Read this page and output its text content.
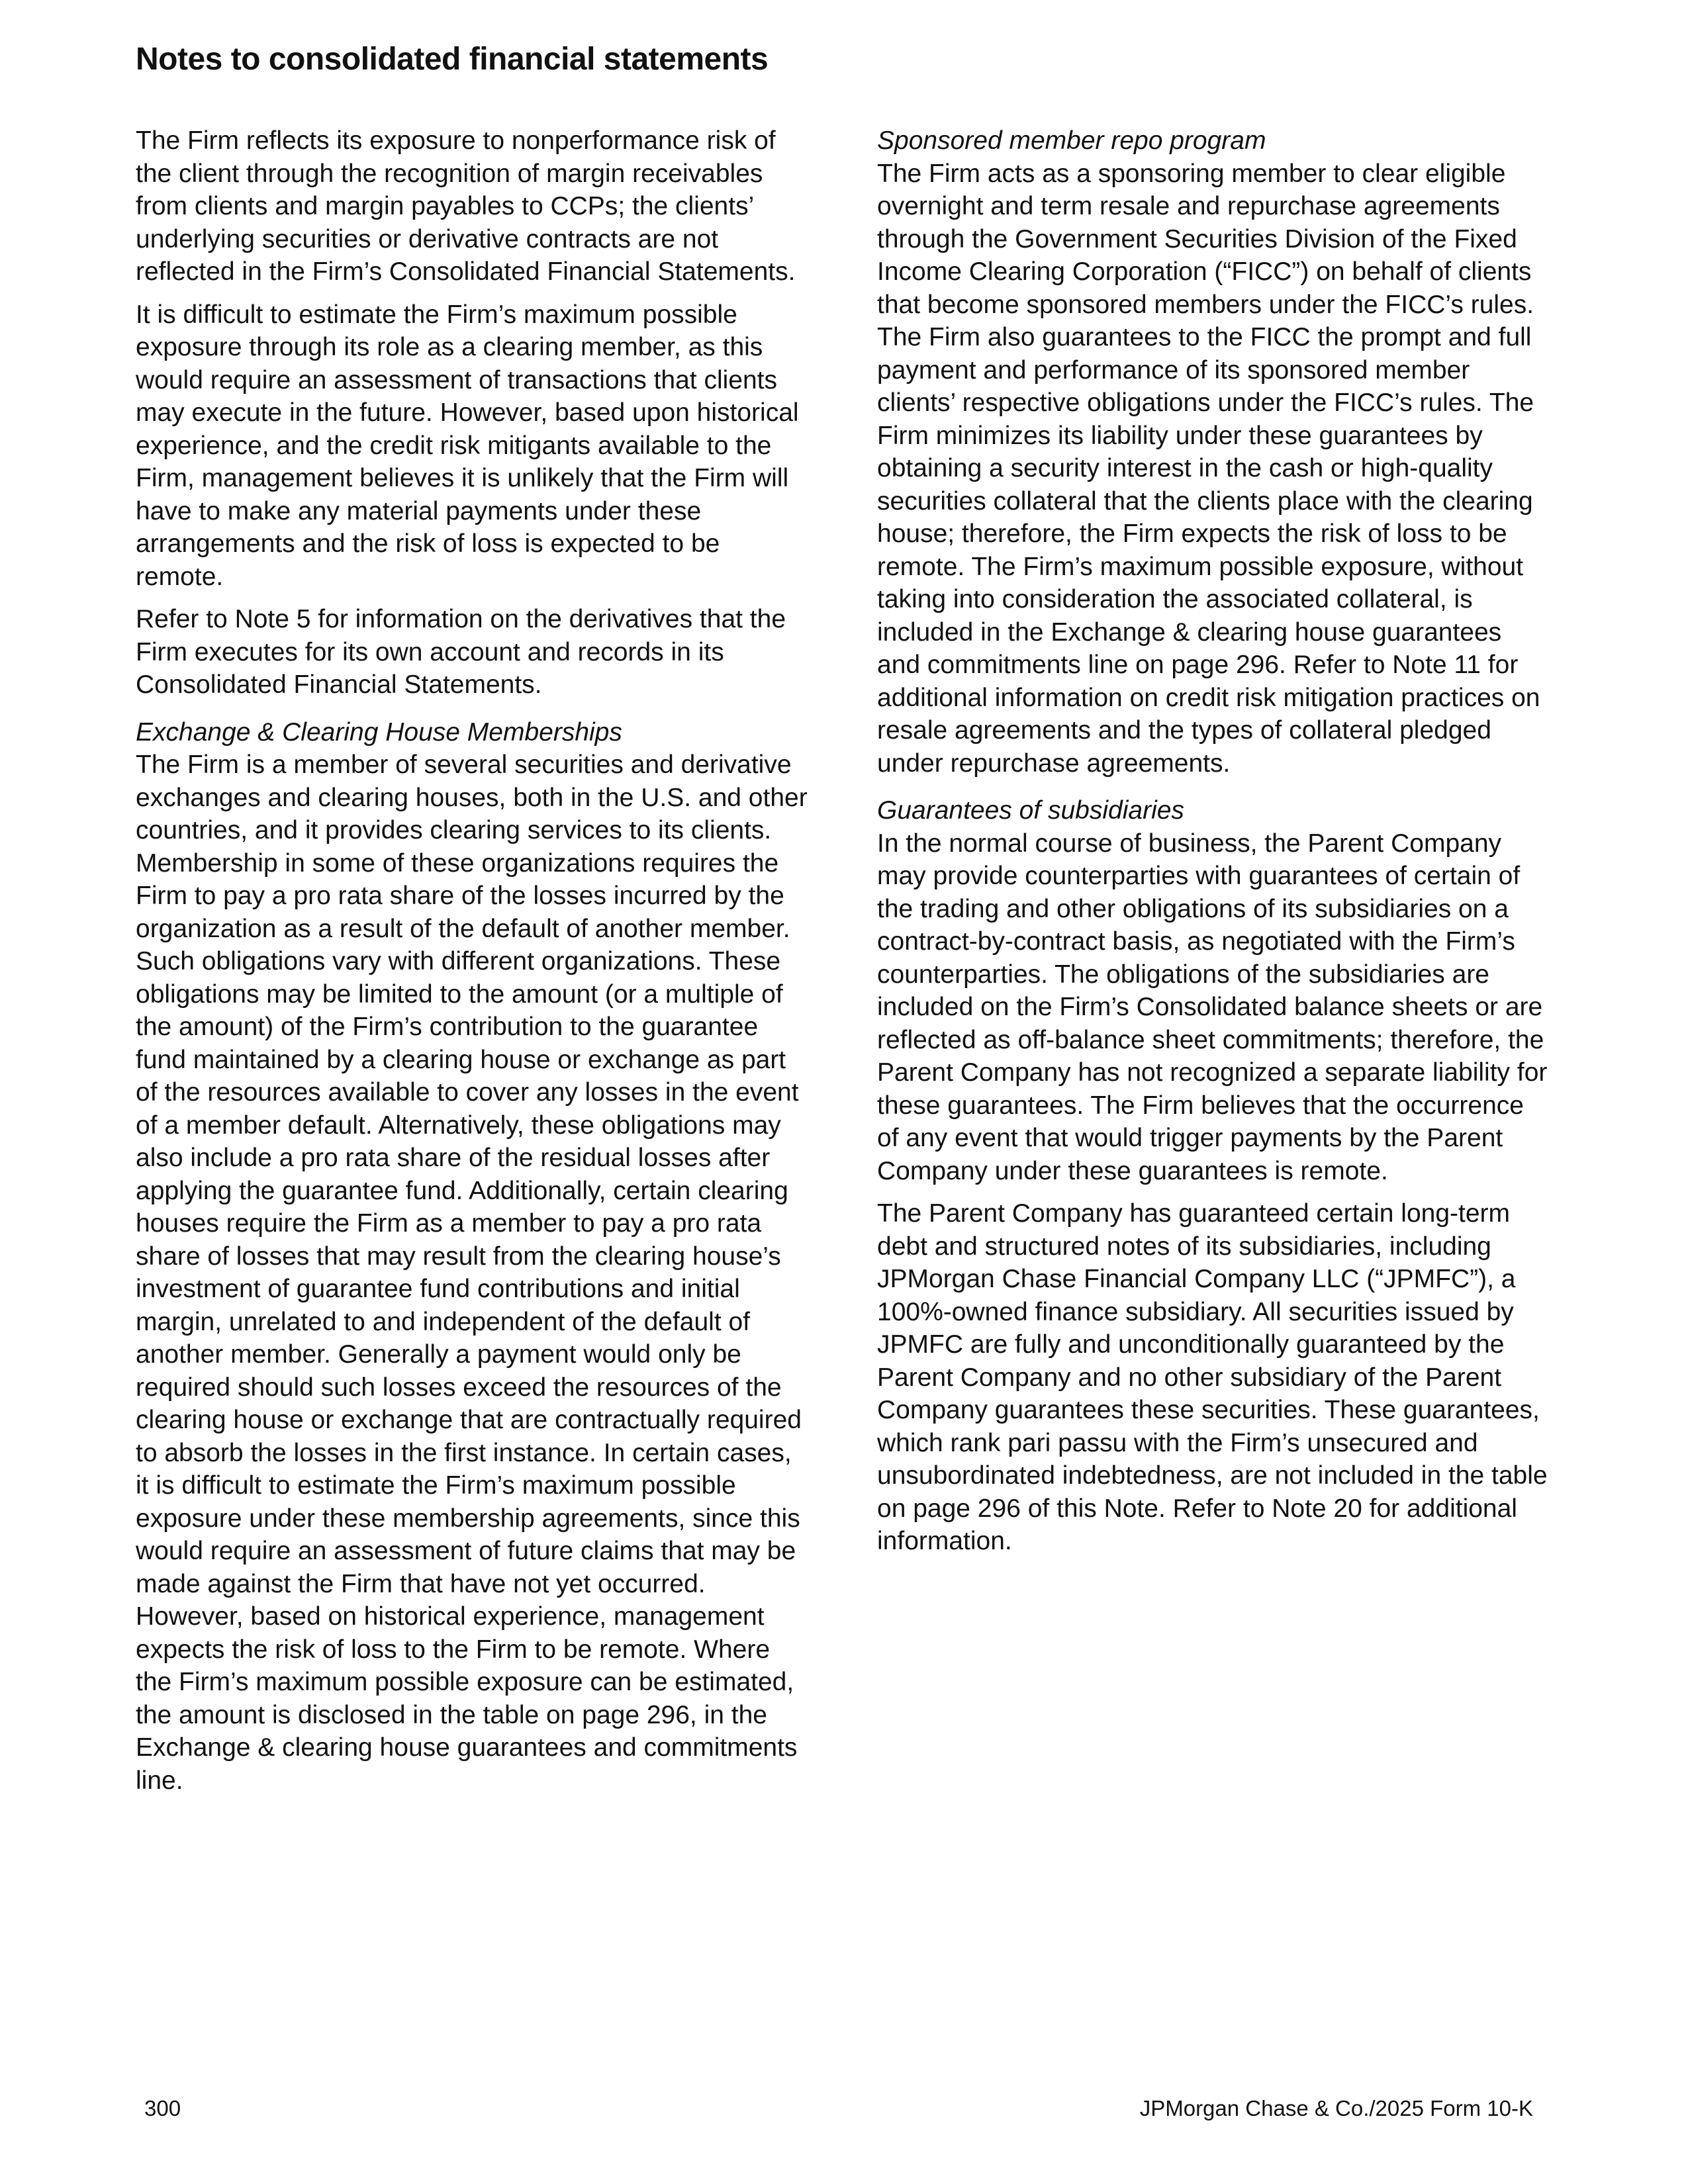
Notes to consolidated financial statements

The Firm reflects its exposure to nonperformance risk of the client through the recognition of margin receivables from clients and margin payables to CCPs; the clients’ underlying securities or derivative contracts are not reflected in the Firm’s Consolidated Financial Statements.

It is difficult to estimate the Firm’s maximum possible exposure through its role as a clearing member, as this would require an assessment of transactions that clients may execute in the future. However, based upon historical experience, and the credit risk mitigants available to the Firm, management believes it is unlikely that the Firm will have to make any material payments under these arrangements and the risk of loss is expected to be remote.

Refer to Note 5 for information on the derivatives that the Firm executes for its own account and records in its Consolidated Financial Statements.

Exchange & Clearing House Memberships

The Firm is a member of several securities and derivative exchanges and clearing houses, both in the U.S. and other countries, and it provides clearing services to its clients. Membership in some of these organizations requires the Firm to pay a pro rata share of the losses incurred by the organization as a result of the default of another member. Such obligations vary with different organizations. These obligations may be limited to the amount (or a multiple of the amount) of the Firm’s contribution to the guarantee fund maintained by a clearing house or exchange as part of the resources available to cover any losses in the event of a member default. Alternatively, these obligations may also include a pro rata share of the residual losses after applying the guarantee fund. Additionally, certain clearing houses require the Firm as a member to pay a pro rata share of losses that may result from the clearing house’s investment of guarantee fund contributions and initial margin, unrelated to and independent of the default of another member. Generally a payment would only be required should such losses exceed the resources of the clearing house or exchange that are contractually required to absorb the losses in the first instance. In certain cases, it is difficult to estimate the Firm’s maximum possible exposure under these membership agreements, since this would require an assessment of future claims that may be made against the Firm that have not yet occurred. However, based on historical experience, management expects the risk of loss to the Firm to be remote. Where the Firm’s maximum possible exposure can be estimated, the amount is disclosed in the table on page 296, in the Exchange & clearing house guarantees and commitments line.

Sponsored member repo program

The Firm acts as a sponsoring member to clear eligible overnight and term resale and repurchase agreements through the Government Securities Division of the Fixed Income Clearing Corporation (“FICC”) on behalf of clients that become sponsored members under the FICC’s rules. The Firm also guarantees to the FICC the prompt and full payment and performance of its sponsored member clients’ respective obligations under the FICC’s rules. The Firm minimizes its liability under these guarantees by obtaining a security interest in the cash or high-quality securities collateral that the clients place with the clearing house; therefore, the Firm expects the risk of loss to be remote. The Firm’s maximum possible exposure, without taking into consideration the associated collateral, is included in the Exchange & clearing house guarantees and commitments line on page 296. Refer to Note 11 for additional information on credit risk mitigation practices on resale agreements and the types of collateral pledged under repurchase agreements.

Guarantees of subsidiaries

In the normal course of business, the Parent Company may provide counterparties with guarantees of certain of the trading and other obligations of its subsidiaries on a contract-by-contract basis, as negotiated with the Firm’s counterparties. The obligations of the subsidiaries are included on the Firm’s Consolidated balance sheets or are reflected as off-balance sheet commitments; therefore, the Parent Company has not recognized a separate liability for these guarantees. The Firm believes that the occurrence of any event that would trigger payments by the Parent Company under these guarantees is remote.

The Parent Company has guaranteed certain long-term debt and structured notes of its subsidiaries, including JPMorgan Chase Financial Company LLC (“JPMFC”), a 100%-owned finance subsidiary. All securities issued by JPMFC are fully and unconditionally guaranteed by the Parent Company and no other subsidiary of the Parent Company guarantees these securities. These guarantees, which rank pari passu with the Firm’s unsecured and unsubordinated indebtedness, are not included in the table on page 296 of this Note. Refer to Note 20 for additional information.

300	JPMorgan Chase & Co./2025 Form 10-K
